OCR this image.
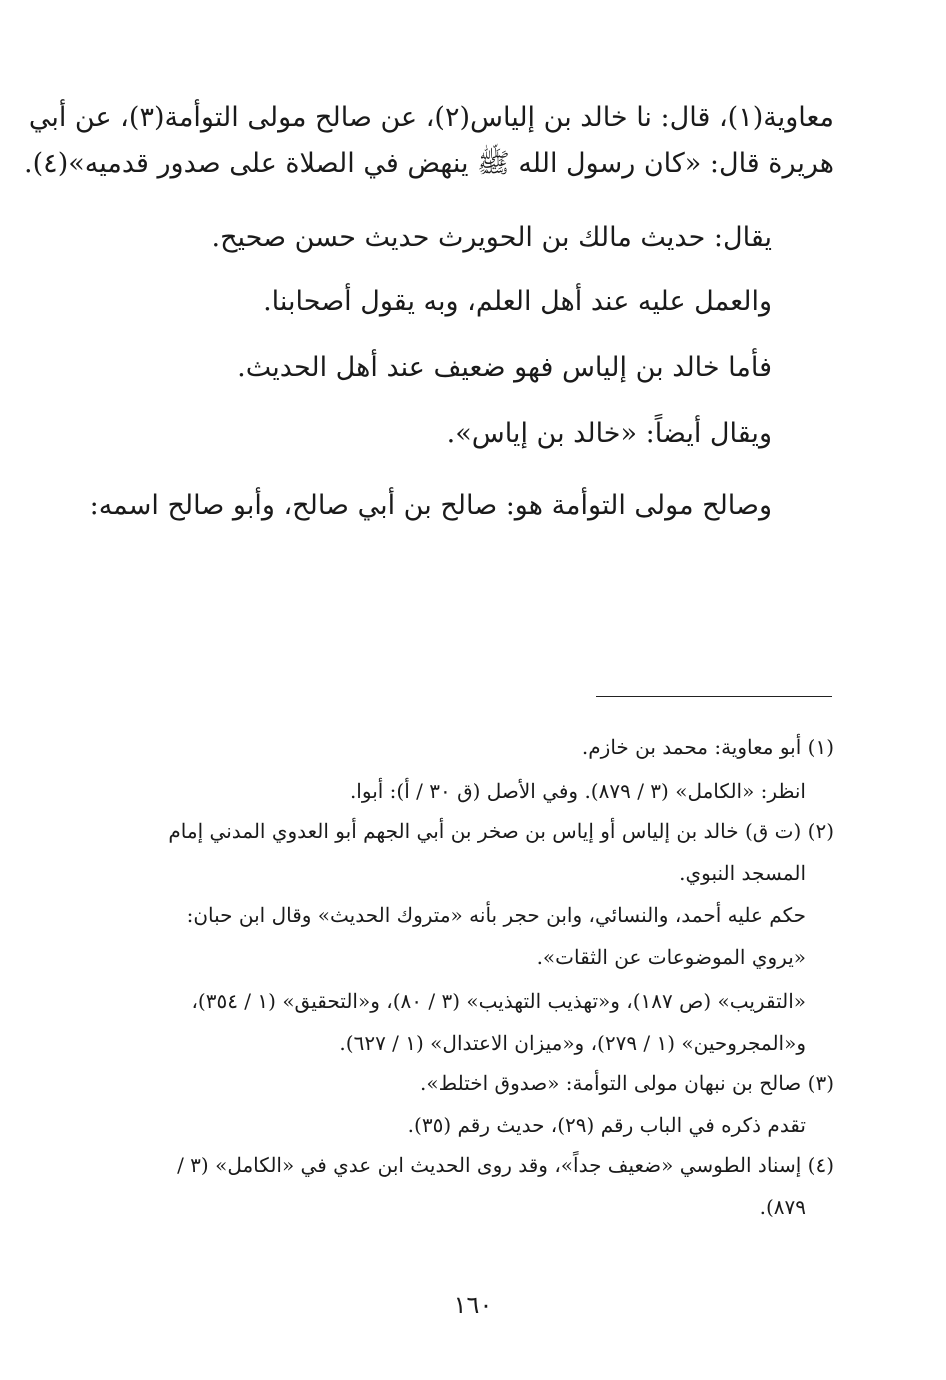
معاوية(١)، قال: نا خالد بن إلياس(٢)، عن صالح مولى التوأمة(٣)، عن أبي
هريرة قال: «كان رسول الله ﷺ ينهض في الصلاة على صدور قدميه»(٤).
يقال: حديث مالك بن الحويرث حديث حسن صحيح.
والعمل عليه عند أهل العلم، وبه يقول أصحابنا.
فأما خالد بن إلياس فهو ضعيف عند أهل الحديث.
ويقال أيضاً: «خالد بن إياس».
وصالح مولى التوأمة هو: صالح بن أبي صالح، وأبو صالح اسمه:
(١) أبو معاوية: محمد بن خازم.
انظر: «الكامل» (٣ / ٨٧٩). وفي الأصل (ق ٣٠ / أ): أبوا.
(٢) (ت ق) خالد بن إلياس أو إياس بن صخر بن أبي الجهم أبو العدوي المدني إمام
المسجد النبوي.
حكم عليه أحمد، والنسائي، وابن حجر بأنه «متروك الحديث» وقال ابن حبان:
«يروي الموضوعات عن الثقات».
«التقريب» (ص ١٨٧)، و«تهذيب التهذيب» (٣ / ٨٠)، و«التحقيق» (١ / ٣٥٤)،
و«المجروحين» (١ / ٢٧٩)، و«ميزان الاعتدال» (١ / ٦٢٧).
(٣) صالح بن نبهان مولى التوأمة: «صدوق اختلط».
تقدم ذكره في الباب رقم (٢٩)، حديث رقم (٣٥).
(٤) إسناد الطوسي «ضعيف جداً»، وقد روى الحديث ابن عدي في «الكامل» (٣ /
٨٧٩).
١٦٠
